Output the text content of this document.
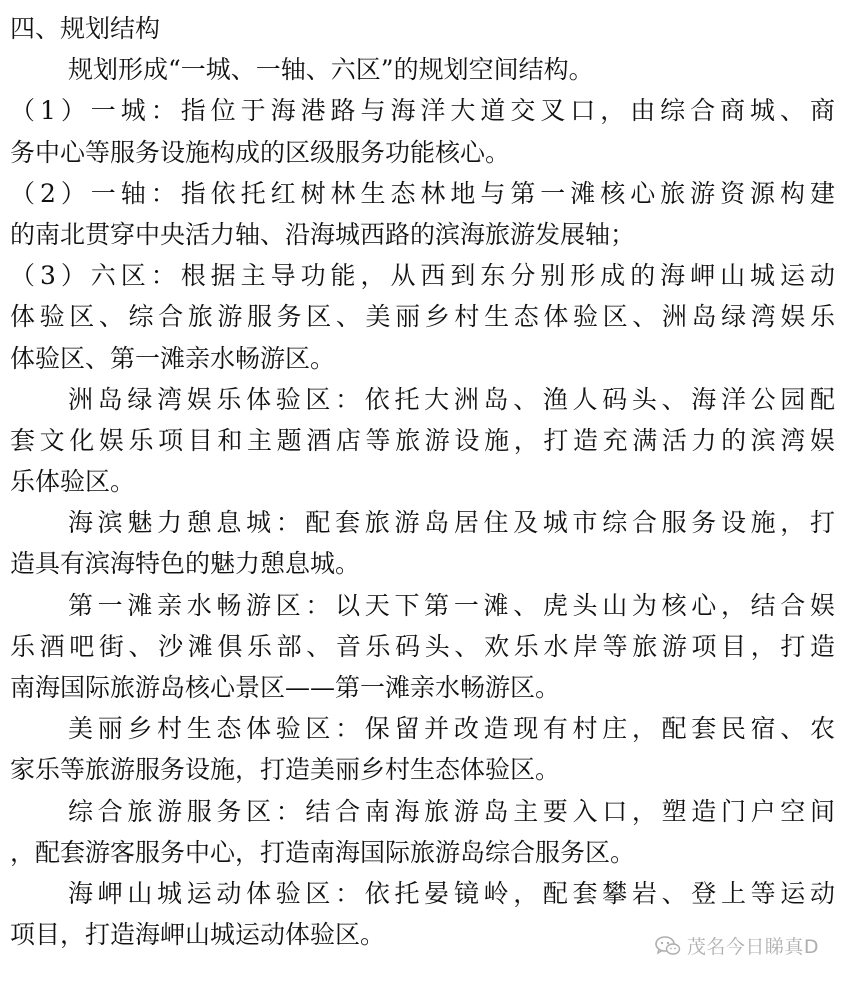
四、规划结构
规划形成“一城、一轴、六区”的规划空间结构。
（1）一城：指位于海港路与海洋大道交叉口，由综合商城、商
务中心等服务设施构成的区级服务功能核心。
（2）一轴：指依托红树林生态林地与第一滩核心旅游资源构建
的南北贯穿中央活力轴、沿海城西路的滨海旅游发展轴；
（3）六区：根据主导功能，从西到东分别形成的海岬山城运动
体验区、综合旅游服务区、美丽乡村生态体验区、洲岛绿湾娱乐
体验区、第一滩亲水畅游区。
洲岛绿湾娱乐体验区：依托大洲岛、渔人码头、海洋公园配
套文化娱乐项目和主题酒店等旅游设施，打造充满活力的滨湾娱
乐体验区。
海滨魅力憩息城：配套旅游岛居住及城市综合服务设施，打
造具有滨海特色的魅力憩息城。
第一滩亲水畅游区：以天下第一滩、虎头山为核心，结合娱
乐酒吧街、沙滩俱乐部、音乐码头、欢乐水岸等旅游项目，打造
南海国际旅游岛核心景区——第一滩亲水畅游区。
美丽乡村生态体验区：保留并改造现有村庄，配套民宿、农
家乐等旅游服务设施，打造美丽乡村生态体验区。
综合旅游服务区：结合南海旅游岛主要入口，塑造门户空间
，配套游客服务中心，打造南海国际旅游岛综合服务区。
海岬山城运动体验区：依托晏镜岭，配套攀岩、登上等运动
项目，打造海岬山城运动体验区。	茂名今日睇真D
